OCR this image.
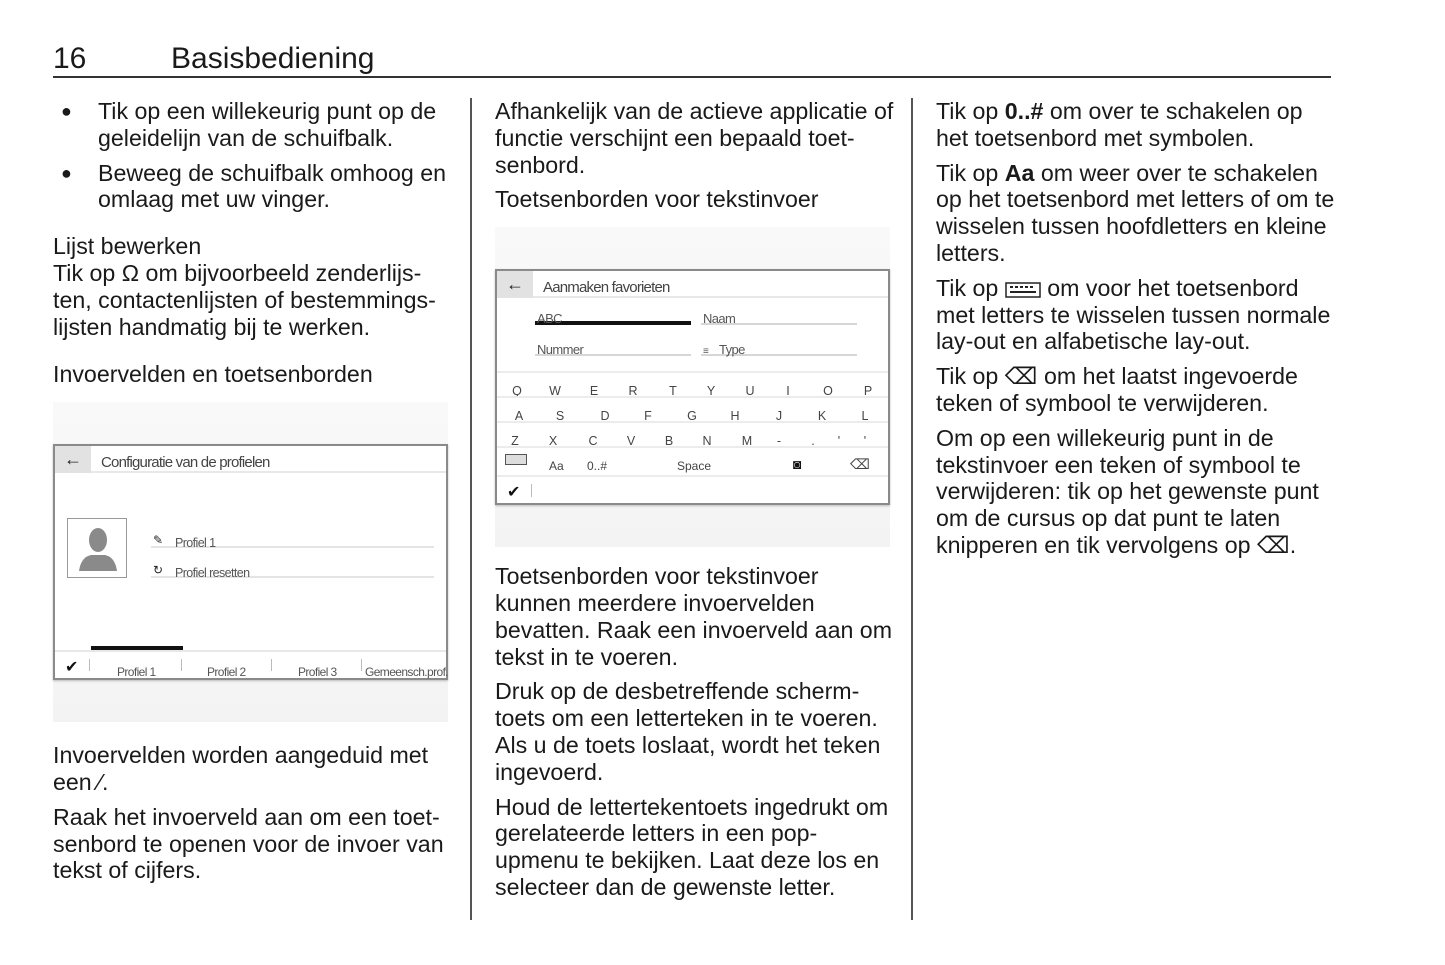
16	Basisbediening
● Tik op een willekeurig punt op de geleidelijn van de schuifbalk.
● Beweeg de schuifbalk omhoog en omlaag met uw vinger.
Lijst bewerken

Tik op Ω om bijvoorbeeld zenderlijs-ten, contactenlijsten of bestemmings-lijsten handmatig bij te werken.

Invoervelden en toetsenborden
← Configuratie van de profielen
✎ Profiel 1
↻ Profiel resetten
✔	Profiel 1	Profiel 2	Profiel 3 Gemeensch.prof.

Invoervelden worden aangeduid met een ∕.

Raak het invoerveld aan om een toet-senbord te openen voor de invoer van tekst of cijfers.

Afhankelijk van de actieve applicatie of functie verschijnt een bepaald toet-senbord.

Toetsenborden voor tekstinvoer
← Aanmaken favorieten
ABC	Naam
Nummer	≡ Type
Q	W	E	R	T	Y	U	I	O	P
A	S	D	F	G	H	J	K	L
Z	X	C	V	B	N	M	-	.	'	'
Aa 0..#	Space	◙	⌫
✔

Toetsenborden voor tekstinvoer kunnen meerdere invoervelden bevatten. Raak een invoerveld aan om tekst in te voeren.

Druk op de desbetreffende scherm-toets om een letterteken in te voeren. Als u de toets loslaat, wordt het teken ingevoerd.

Houd de lettertekentoets ingedrukt om gerelateerde letters in een pop-upmenu te bekijken. Laat deze los en selecteer dan de gewenste letter.

Tik op 0..# om over te schakelen op het toetsenbord met symbolen.

Tik op Aa om weer over te schakelen op het toetsenbord met letters of om te wisselen tussen hoofdletters en kleine letters.

Tik op om voor het toetsenbord met letters te wisselen tussen normale lay-out en alfabetische lay-out.

Tik op ⌫ om het laatst ingevoerde teken of symbool te verwijderen.

Om op een willekeurig punt in de tekstinvoer een teken of symbool te verwijderen: tik op het gewenste punt om de cursus op dat punt te laten knipperen en tik vervolgens op ⌫.
